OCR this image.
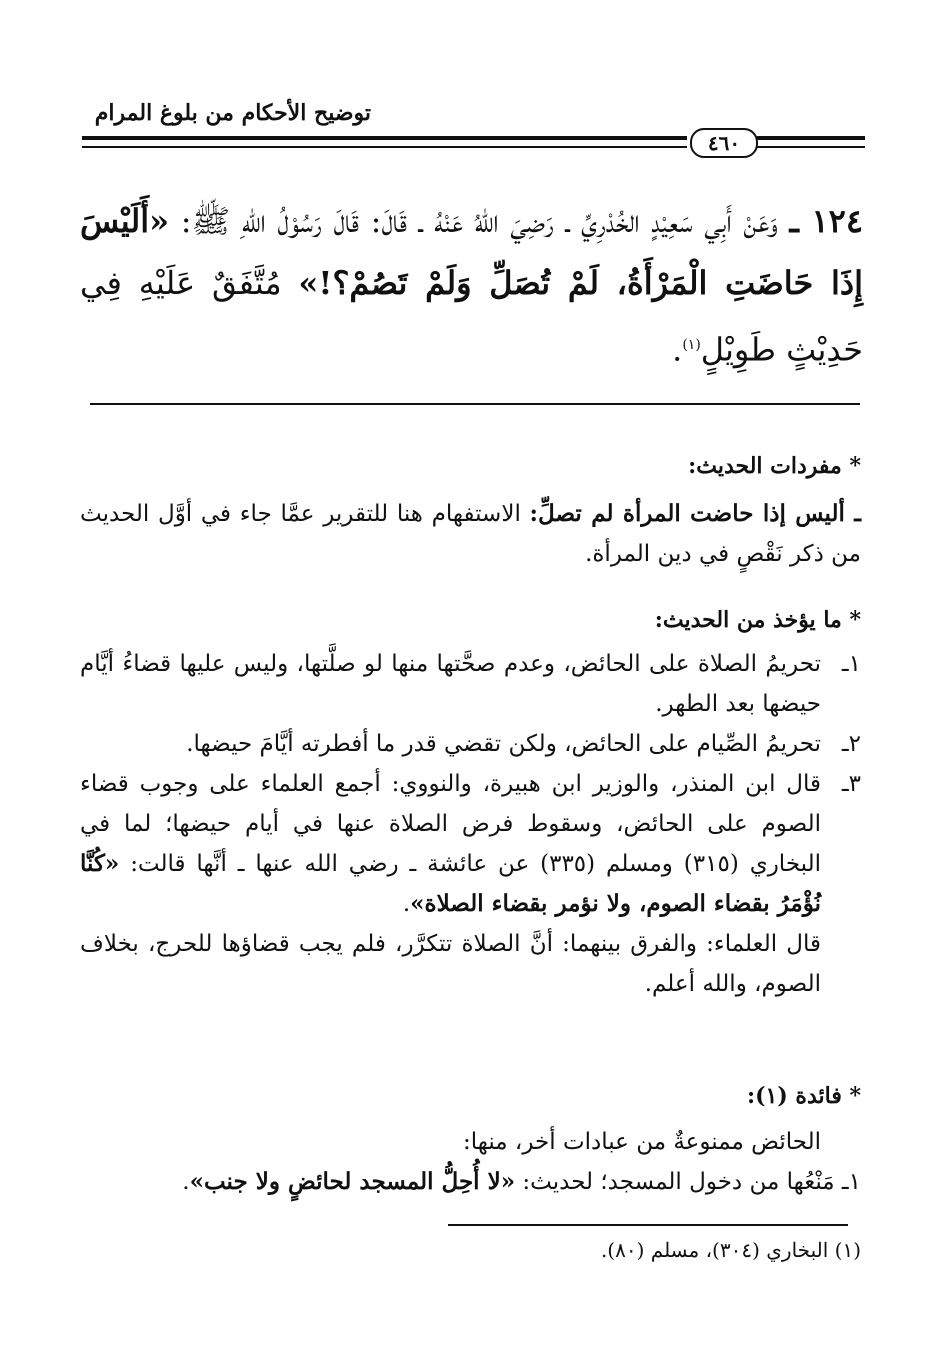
توضيح الأحكام من بلوغ المرام
٤٦٠
١٢٤ ـ وَعَنْ أَبِي سَعِيْدٍ الخُدْرِيِّ ـ رَضِيَ اللهُ عَنْهُ ـ قَالَ: قَالَ رَسُوْلُ اللهِ ﷺ: «أَلَيْسَ إِذَا حَاضَتِ الْمَرْأَةُ، لَمْ تُصَلِّ وَلَمْ تَصُمْ؟!» مُتَّفَقٌ عَلَيْهِ فِي حَدِيْثٍ طَوِيْلٍ$^{(١)}$.

* مفردات الحديث:

ـ أليس إذا حاضت المرأة لم تصلِّ: الاستفهام هنا للتقرير عمَّا جاء في أوَّل الحديث من ذكر نَقْصٍ في دين المرأة.

* ما يؤخذ من الحديث:

١ـ
تحريمُ الصلاة على الحائض، وعدم صحَّتها منها لو صلَّتها، وليس عليها قضاءُ أيَّام حيضها بعد الطهر.
٢ـ
تحريمُ الصِّيام على الحائض، ولكن تقضي قدر ما أفطرته أيَّامَ حيضها.
٣ـ
قال ابن المنذر، والوزير ابن هبيرة، والنووي: أجمع العلماء على وجوب قضاء الصوم على الحائض، وسقوط فرض الصلاة عنها في أيام حيضها؛ لما في البخاري (٣١٥) ومسلم (٣٣٥) عن عائشة ـ رضي الله عنها ـ أنَّها قالت: «كُنَّا نُؤْمَرُ بقضاء الصوم، ولا نؤمر بقضاء الصلاة».

قال العلماء: والفرق بينهما: أنَّ الصلاة تتكرَّر، فلم يجب قضاؤها للحرج، بخلاف الصوم، والله أعلم.

* فائدة (١):

الحائض ممنوعةٌ من عبادات أخر، منها:

١ـ مَنْعُها من دخول المسجد؛ لحديث: «لا أُحِلُّ المسجد لحائضٍ ولا جنب».

(١) البخاري (٣٠٤)، مسلم (٨٠).
